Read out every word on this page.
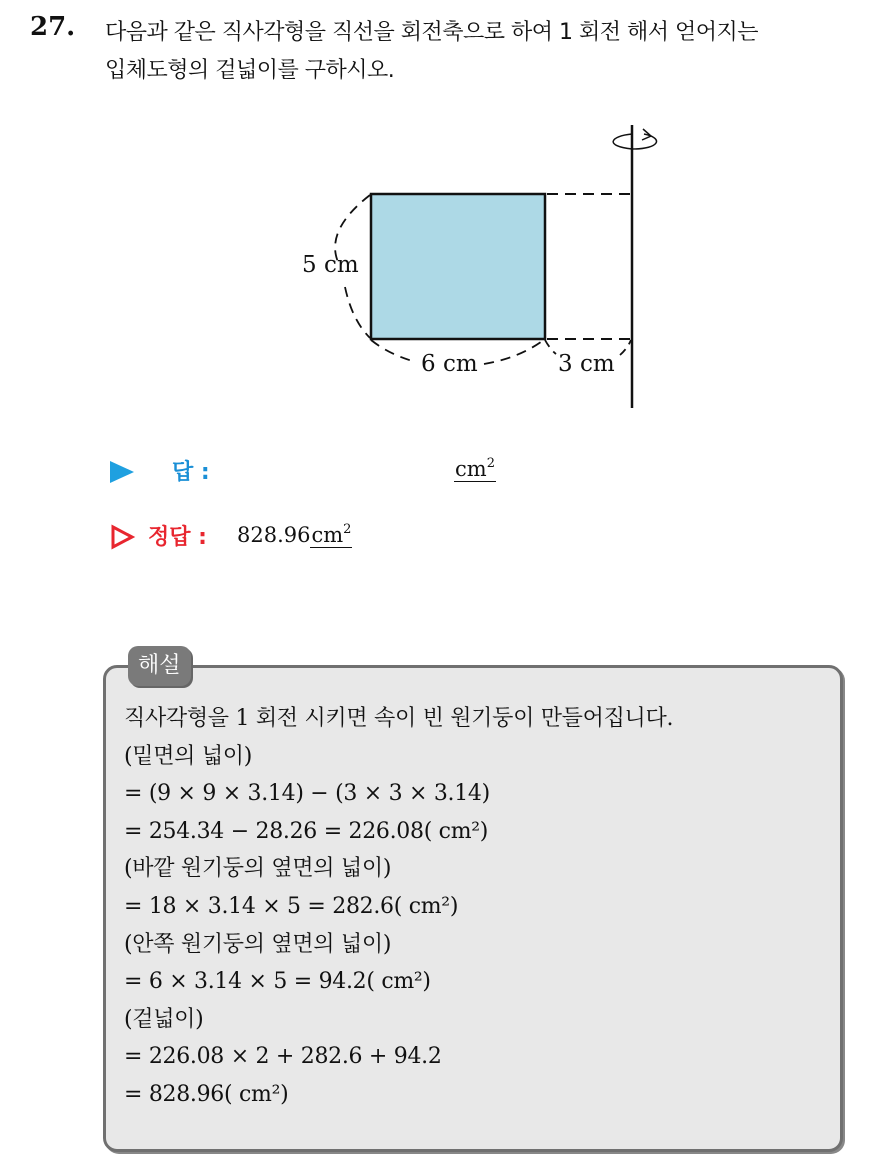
27. 다음과 같은 직사각형을 직선을 회전축으로 하여 1 회전 해서 얻어지는
입체도형의 겉넓이를 구하시오.
5 cm
6 cm	3 cm
답 :	$cm^2$
정답 : $828.96cm^2$
해설
직사각형을 1 회전 시키면 속이 빈 원기둥이 만들어집니다.
(밑면의 넓이)
= (9 × 9 × 3.14) − (3 × 3 × 3.14)
= 254.34 − 28.26 = 226.08( cm²)
(바깥 원기둥의 옆면의 넓이)
= 18 × 3.14 × 5 = 282.6( cm²)
(안쪽 원기둥의 옆면의 넓이)
= 6 × 3.14 × 5 = 94.2( cm²)
(겉넓이)
= 226.08 × 2 + 282.6 + 94.2
= 828.96( cm²)
